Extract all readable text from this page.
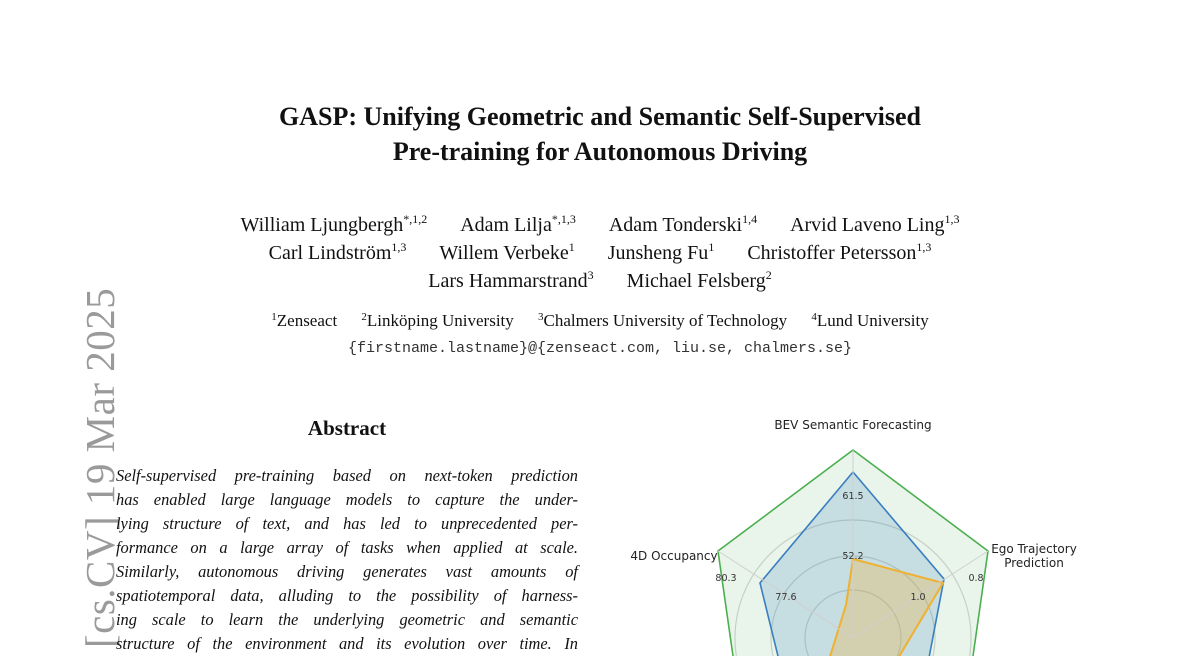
[cs.CV] 19 Mar 2025
GASP: Unifying Geometric and Semantic Self-Supervised
Pre-training for Autonomous Driving
William Ljungbergh$^{*,1,2}$ Adam Lilja$^{*,1,3}$ Adam Tonderski$^{1,4}$ Arvid Laveno Ling$^{1,3}$
Carl Lindström$^{1,3}$ Willem Verbeke$^1$ Junsheng Fu$^1$ Christoffer Petersson$^{1,3}$
Lars Hammarstrand$^3$ Michael Felsberg$^2$
$^1$Zenseact $^2$Linköping University $^3$Chalmers University of Technology $^4$Lund University
{firstname.lastname}@{zenseact.com, liu.se, chalmers.se}
Abstract
Self-supervised pre-training based on next-token prediction
has enabled large language models to capture the under-
lying structure of text, and has led to unprecedented per-
formance on a large array of tasks when applied at scale.
Similarly, autonomous driving generates vast amounts of
spatiotemporal data, alluding to the possibility of harness-
ing scale to learn the underlying geometric and semantic
structure of the environment and its evolution over time. In
BEV Semantic Forecasting
Ego Trajectory
Prediction
4D Occupancy
61.5
52.2
1.0
0.8
77.6
80.3
